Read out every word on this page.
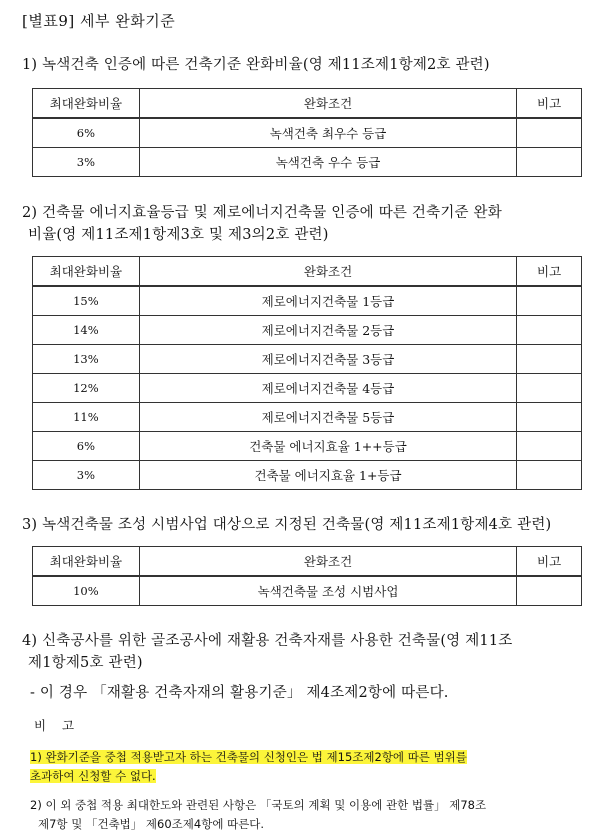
[별표9] 세부 완화기준
1) 녹색건축 인증에 따른 건축기준 완화비율(영 제11조제1항제2호 관련)
최대완화비율	완화조건	비고
6%	녹색건축 최우수 등급	
3%	녹색건축 우수 등급	
2) 건축물 에너지효율등급 및 제로에너지건축물 인증에 따른 건축기준 완화
비율(영 제11조제1항제3호 및 제3의2호 관련)
최대완화비율	완화조건	비고
15%	제로에너지건축물 1등급	
14%	제로에너지건축물 2등급	
13%	제로에너지건축물 3등급	
12%	제로에너지건축물 4등급	
11%	제로에너지건축물 5등급	
6%	건축물 에너지효율 1++등급	
3%	건축물 에너지효율 1+등급	
3) 녹색건축물 조성 시범사업 대상으로 지정된 건축물(영 제11조제1항제4호 관련)
최대완화비율	완화조건	비고
10%	녹색건축물 조성 시범사업	
4) 신축공사를 위한 골조공사에 재활용 건축자재를 사용한 건축물(영 제11조
제1항제5호 관련)
- 이 경우 「재활용 건축자재의 활용기준」 제4조제2항에 따른다.
비 고
1) 완화기준을 중첩 적용받고자 하는 건축물의 신청인은 법 제15조제2항에 따른 범위를
초과하여 신청할 수 없다.
2) 이 외 중첩 적용 최대한도와 관련된 사항은 「국토의 계획 및 이용에 관한 법률」 제78조
제7항 및 「건축법」 제60조제4항에 따른다.
